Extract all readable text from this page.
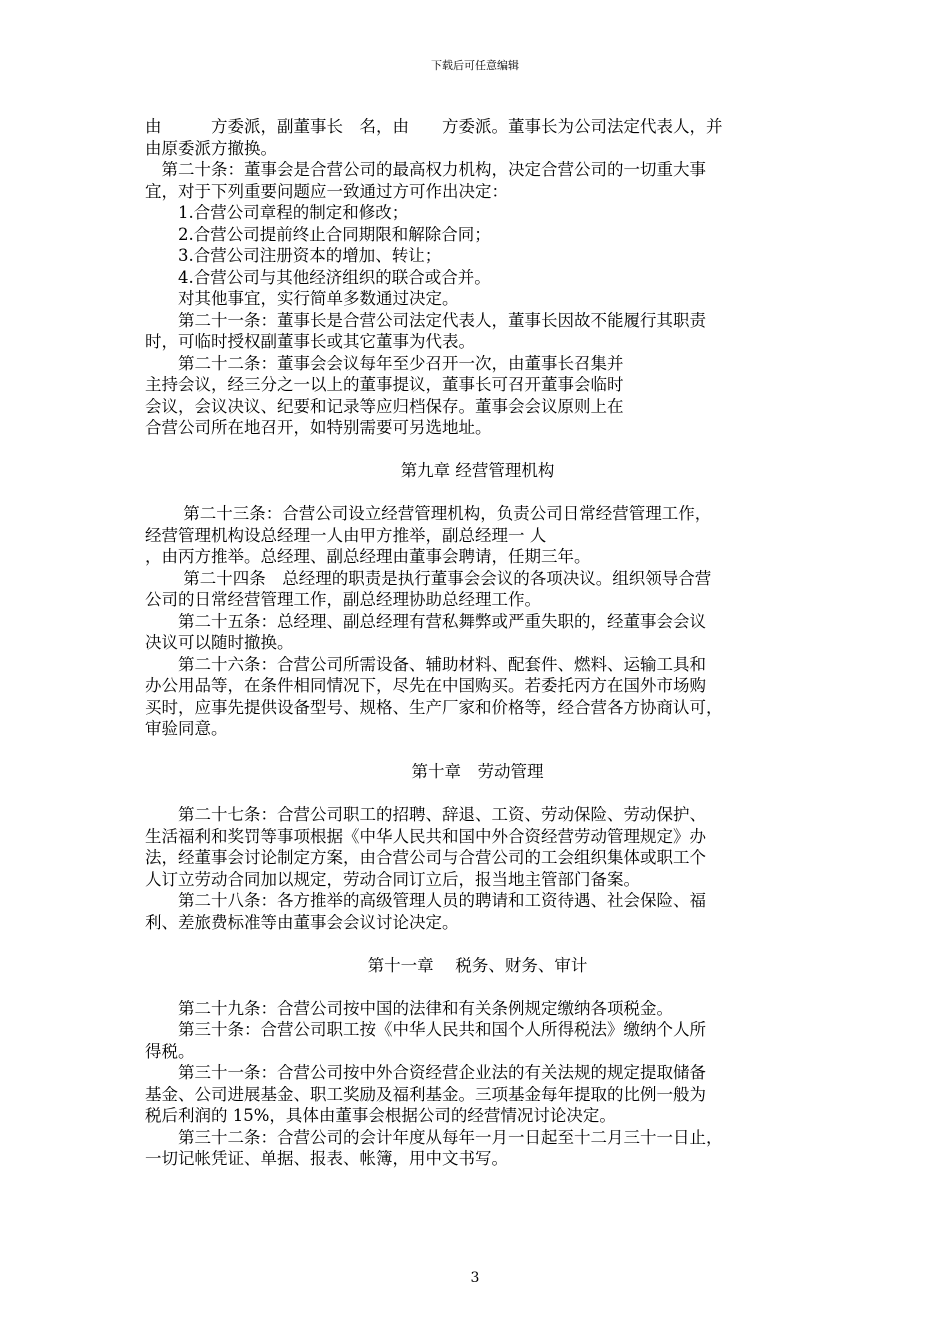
下载后可任意编辑
由　　　方委派，副董事长　名，由　　方委派。董事长为公司法定代表人，并
由原委派方撤换。
　第二十条：董事会是合营公司的最高权力机构，决定合营公司的一切重大事
宜，对于下列重要问题应一致通过方可作出决定：
　　1.合营公司章程的制定和修改；
　　2.合营公司提前终止合同期限和解除合同；
　　3.合营公司注册资本的增加、转让；
　　4.合营公司与其他经济组织的联合或合并。
　　对其他事宜，实行简单多数通过决定。
　　第二十一条：董事长是合营公司法定代表人，董事长因故不能履行其职责
时，可临时授权副董事长或其它董事为代表。
　　第二十二条：董事会会议每年至少召开一次，由董事长召集并
主持会议，经三分之一以上的董事提议，董事长可召开董事会临时
会议，会议决议、纪要和记录等应归档保存。董事会会议原则上在
合营公司所在地召开，如特别需要可另选地址。
第九章 经营管理机构
　　 第二十三条：合营公司设立经营管理机构，负责公司日常经营管理工作，
经营管理机构设总经理一人由甲方推举，副总经理一 人
，由丙方推举。总经理、副总经理由董事会聘请，任期三年。
　　 第二十四条　总经理的职责是执行董事会会议的各项决议。组织领导合营
公司的日常经营管理工作，副总经理协助总经理工作。
　　第二十五条：总经理、副总经理有营私舞弊或严重失职的，经董事会会议
决议可以随时撤换。
　　第二十六条：合营公司所需设备、辅助材料、配套件、燃料、运输工具和
办公用品等，在条件相同情况下，尽先在中国购买。若委托丙方在国外市场购
买时，应事先提供设备型号、规格、生产厂家和价格等，经合营各方协商认可，
审验同意。
第十章　劳动管理
　　第二十七条：合营公司职工的招聘、辞退、工资、劳动保险、劳动保护、
生活福利和奖罚等事项根据《中华人民共和国中外合资经营劳动管理规定》办
法，经董事会讨论制定方案，由合营公司与合营公司的工会组织集体或职工个
人订立劳动合同加以规定，劳动合同订立后，报当地主管部门备案。
　　第二十八条：各方推举的高级管理人员的聘请和工资待遇、社会保险、福
利、差旅费标准等由董事会会议讨论决定。
第十一章　 税务、财务、审计
　　第二十九条：合营公司按中国的法律和有关条例规定缴纳各项税金。
　　第三十条：合营公司职工按《中华人民共和国个人所得税法》缴纳个人所
得税。
　　第三十一条：合营公司按中外合资经营企业法的有关法规的规定提取储备
基金、公司进展基金、职工奖励及福利基金。三项基金每年提取的比例一般为
税后利润的 15%，具体由董事会根据公司的经营情况讨论决定。
　　第三十二条：合营公司的会计年度从每年一月一日起至十二月三十一日止，
一切记帐凭证、单据、报表、帐簿，用中文书写。
3
